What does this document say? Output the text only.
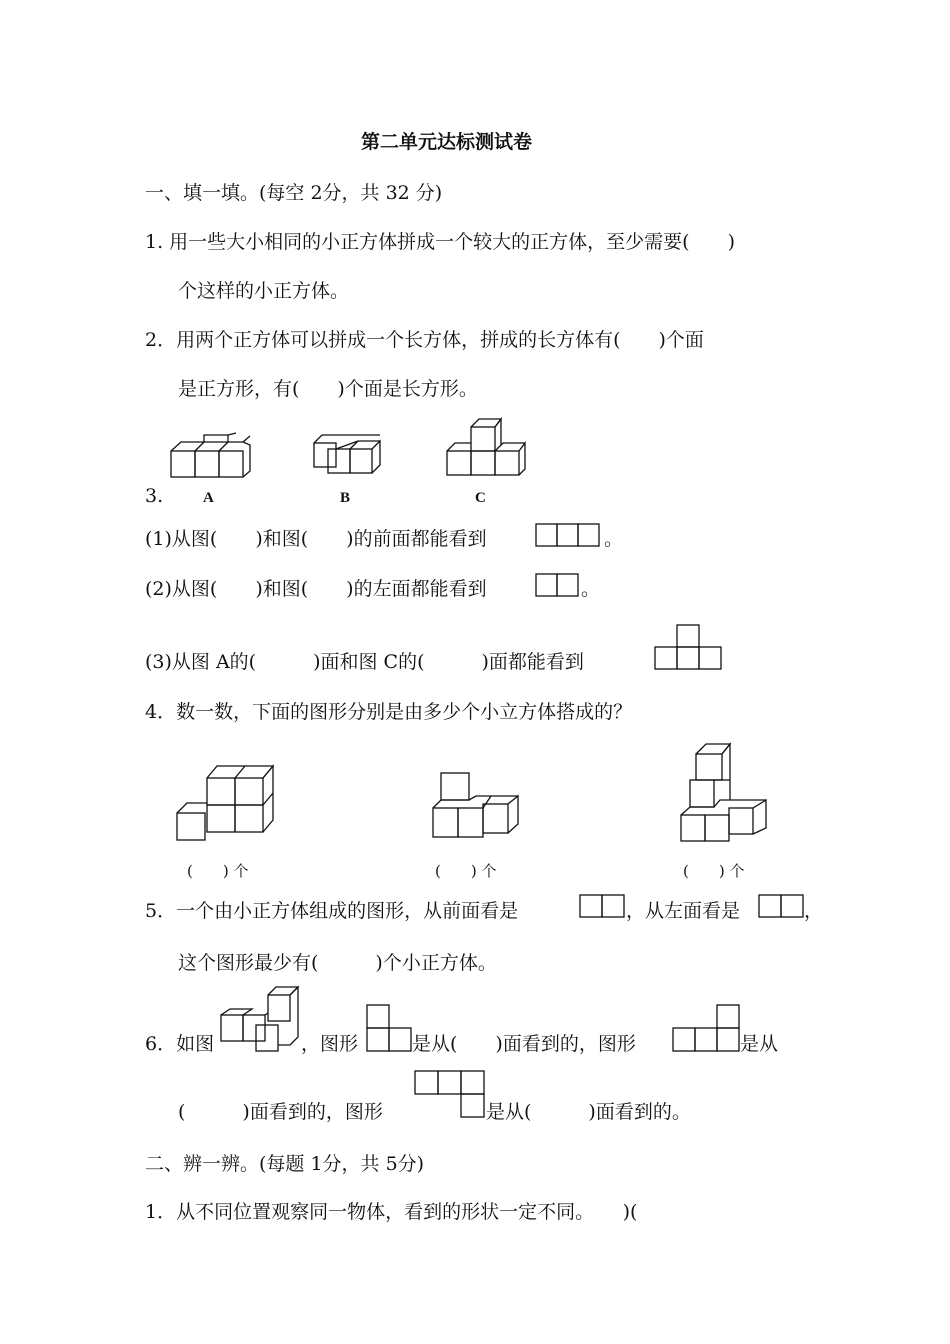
第二单元达标测试卷
一、填一填。(每空 2分，共 32 分)
1. 用一些大小相同的小正方体拼成一个较大的正方体，至少需要(　　)
个这样的小正方体。
2．用两个正方体可以拼成一个长方体，拼成的长方体有(　　)个面
是正方形，有(　　)个面是长方形。
3.	A	B	C
(1)从图(　　)和图(　　)的前面都能看到	。
(2)从图(　　)和图(　　)的左面都能看到	。
(3)从图 A的(　　　)面和图 C的(　　　)面都能看到
4．数一数，下面的图形分别是由多少个小立方体搭成的？
(　　) 个	(　　) 个	(　　) 个
5．一个由小正方体组成的图形，从前面看是	，从左面看是	，
这个图形最少有(　　　)个小正方体。
6．如图	，图形	是从(　　)面看到的，图形	是从
(　　　)面看到的，图形	是从(　　　)面看到的。
二、辨一辨。(每题 1分，共 5分)
1．从不同位置观察同一物体，看到的形状一定不同。　　)(
